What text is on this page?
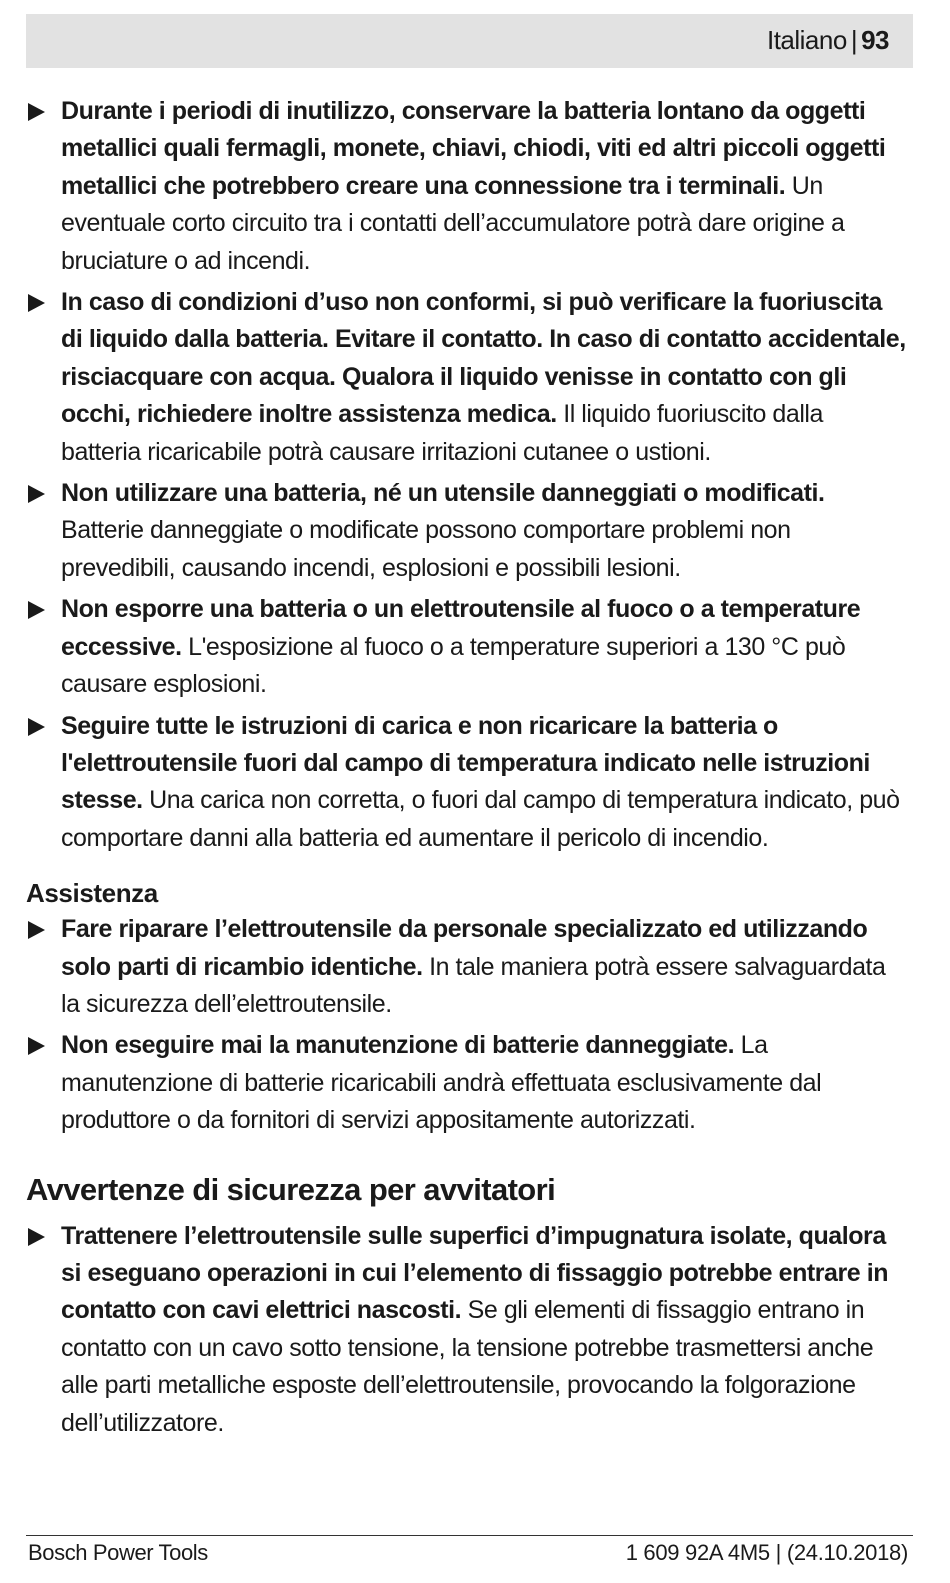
Italiano | 93
Durante i periodi di inutilizzo, conservare la batteria lontano da oggetti metallici quali fermagli, monete, chiavi, chiodi, viti ed altri piccoli oggetti metallici che potrebbero creare una connessione tra i terminali. Un eventuale corto circuito tra i contatti dell’accumulatore potrà dare origine a bruciature o ad incendi.
In caso di condizioni d’uso non conformi, si può verificare la fuoriuscita di liquido dalla batteria. Evitare il contatto. In caso di contatto accidentale, risciacquare con acqua. Qualora il liquido venisse in contatto con gli occhi, richiedere inoltre assistenza medica. Il liquido fuoriuscito dalla batteria ricaricabile potrà causare irritazioni cutanee o ustioni.
Non utilizzare una batteria, né un utensile danneggiati o modificati. Batterie danneggiate o modificate possono comportare problemi non prevedibili, causando incendi, esplosioni e possibili lesioni.
Non esporre una batteria o un elettroutensile al fuoco o a temperature eccessive. L'esposizione al fuoco o a temperature superiori a 130 °C può causare esplosioni.
Seguire tutte le istruzioni di carica e non ricaricare la batteria o l'elettroutensile fuori dal campo di temperatura indicato nelle istruzioni stesse. Una carica non corretta, o fuori dal campo di temperatura indicato, può comportare danni alla batteria ed aumentare il pericolo di incendio.
Assistenza
Fare riparare l’elettroutensile da personale specializzato ed utilizzando solo parti di ricambio identiche. In tale maniera potrà essere salvaguardata la sicurezza dell’elettroutensile.
Non eseguire mai la manutenzione di batterie danneggiate. La manutenzione di batterie ricaricabili andrà effettuata esclusivamente dal produttore o da fornitori di servizi appositamente autorizzati.
Avvertenze di sicurezza per avvitatori
Trattenere l’elettroutensile sulle superfici d’impugnatura isolate, qualora si eseguano operazioni in cui l’elemento di fissaggio potrebbe entrare in contatto con cavi elettrici nascosti. Se gli elementi di fissaggio entrano in contatto con un cavo sotto tensione, la tensione potrebbe trasmettersi anche alle parti metalliche esposte dell’elettroutensile, provocando la folgorazione dell’utilizzatore.
Bosch Power Tools	1 609 92A 4M5 | (24.10.2018)
